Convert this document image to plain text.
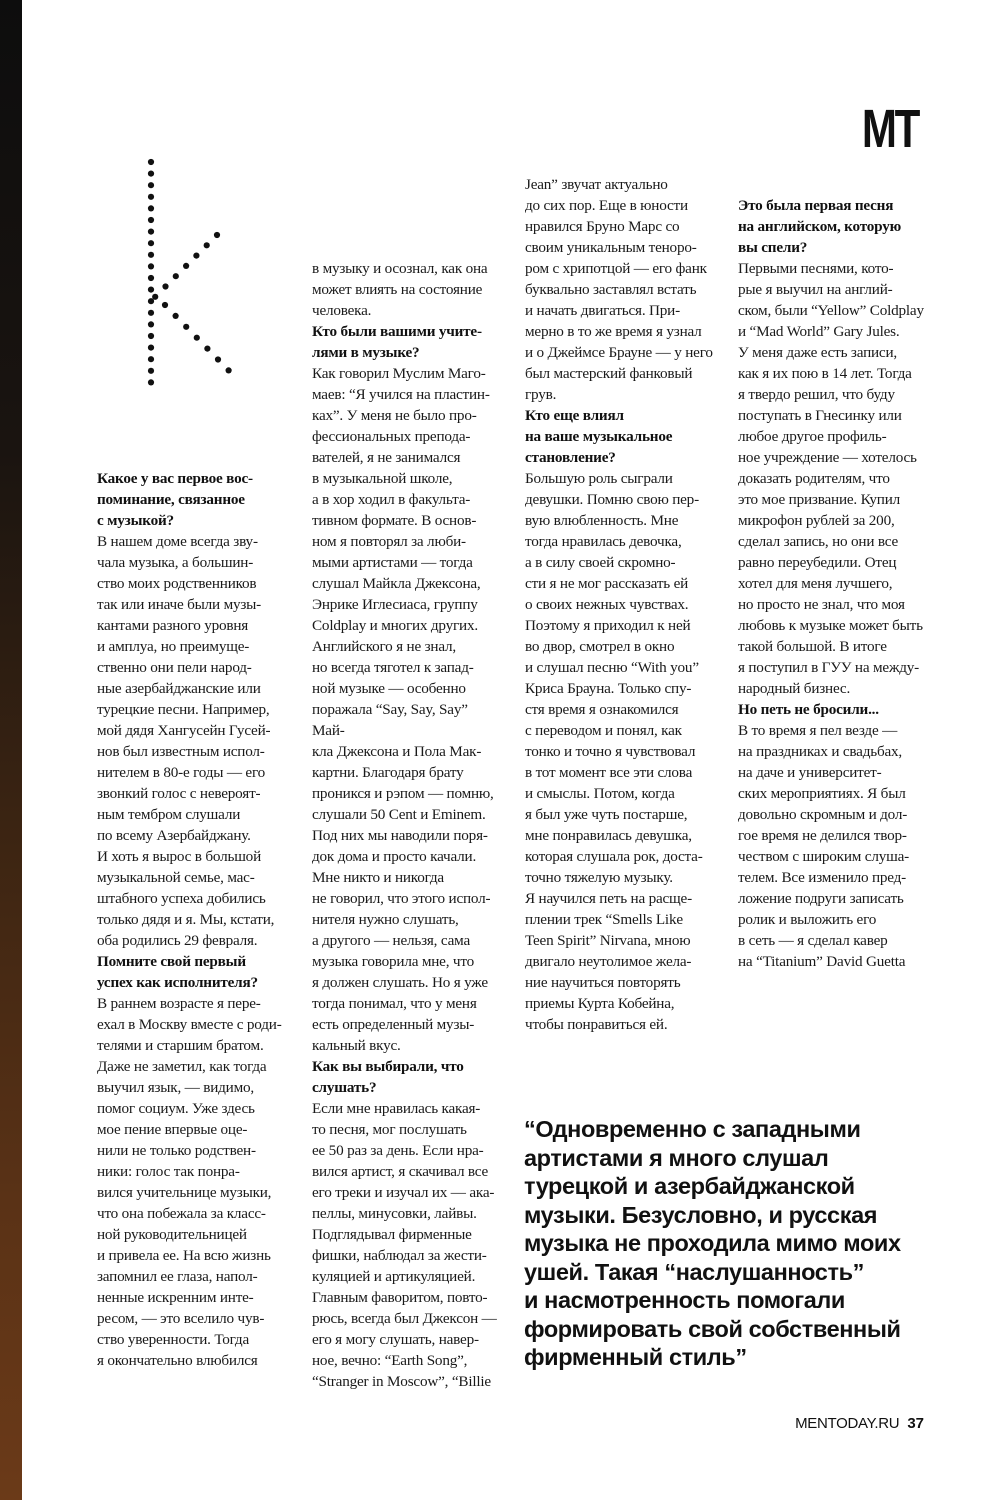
MT

Какое у вас первое вос-
поминание, связанное
с музыкой?

В нашем доме всегда зву-
чала музыка, а большин-
ство моих родственников
так или иначе были музы-
кантами разного уровня
и амплуа, но преимуще-
ственно они пели народ-
ные азербайджанские или
турецкие песни. Например,
мой дядя Хангусейн Гусей-
нов был известным испол-
нителем в 80-е годы — его
звонкий голос с невероят-
ным тембром слушали
по всему Азербайджану.
И хоть я вырос в большой
музыкальной семье, мас-
штабного успеха добились
только дядя и я. Мы, кстати,
оба родились 29 февраля.

Помните свой первый
успех как исполнителя?

В раннем возрасте я пере-
ехал в Москву вместе с роди-
телями и старшим братом.
Даже не заметил, как тогда
выучил язык, — видимо,
помог социум. Уже здесь
мое пение впервые оце-
нили не только родствен-
ники: голос так понра-
вился учительнице музыки,
что она побежала за класс-
ной руководительницей
и привела ее. На всю жизнь
запомнил ее глаза, напол-
ненные искренним инте-
ресом, — это вселило чув-
ство уверенности. Тогда
я окончательно влюбился

в музыку и осознал, как она
может влиять на состояние
человека.

Кто были вашими учите-
лями в музыке?

Как говорил Муслим Маго-
маев: “Я учился на пластин-
ках”. У меня не было про-
фессиональных препода-
вателей, я не занимался
в музыкальной школе,
а в хор ходил в факульта-
тивном формате. В основ-
ном я повторял за люби-
мыми артистами — тогда
слушал Майкла Джексона,
Энрике Иглесиаса, группу
Coldplay и многих других.
Английского я не знал,
но всегда тяготел к запад-
ной музыке — особенно
поражала “Say, Say, Say” Май-
кла Джексона и Пола Мак-
картни. Благодаря брату
проникся и рэпом — помню,
слушали 50 Cent и Eminem.
Под них мы наводили поря-
док дома и просто качали.
Мне никто и никогда
не говорил, что этого испол-
нителя нужно слушать,
а другого — нельзя, сама
музыка говорила мне, что
я должен слушать. Но я уже
тогда понимал, что у меня
есть определенный музы-
кальный вкус.

Как вы выбирали, что
слушать?

Если мне нравилась какая-
то песня, мог послушать
ее 50 раз за день. Если нра-
вился артист, я скачивал все
его треки и изучал их — ака-
пеллы, минусовки, лайвы.
Подглядывал фирменные
фишки, наблюдал за жести-
куляцией и артикуляцией.
Главным фаворитом, повто-
рюсь, всегда был Джексон —
его я могу слушать, навер-
ное, вечно: “Earth Song”,
“Stranger in Moscow”, “Billie

Jean” звучат актуально
до сих пор. Еще в юности
нравился Бруно Марс со
своим уникальным теноро-
ром с хрипотцой — его фанк
буквально заставлял встать
и начать двигаться. При-
мерно в то же время я узнал
и о Джеймсе Брауне — у него
был мастерский фанковый
грув.

Кто еще влиял
на ваше музыкальное
становление?

Большую роль сыграли
девушки. Помню свою пер-
вую влюбленность. Мне
тогда нравилась девочка,
а в силу своей скромно-
сти я не мог рассказать ей
о своих нежных чувствах.
Поэтому я приходил к ней
во двор, смотрел в окно
и слушал песню “With you”
Криса Брауна. Только спу-
стя время я ознакомился
с переводом и понял, как
тонко и точно я чувствовал
в тот момент все эти слова
и смыслы. Потом, когда
я был уже чуть постарше,
мне понравилась девушка,
которая слушала рок, доста-
точно тяжелую музыку.
Я научился петь на расще-
плении трек “Smells Like
Teen Spirit” Nirvana, мною
двигало неутолимое жела-
ние научиться повторять
приемы Курта Кобейна,
чтобы понравиться ей.

Это была первая песня
на английском, которую
вы спели?

Первыми песнями, кото-
рые я выучил на англий-
ском, были “Yellow” Coldplay
и “Mad World” Gary Jules.
У меня даже есть записи,
как я их пою в 14 лет. Тогда
я твердо решил, что буду
поступать в Гнесинку или
любое другое профиль-
ное учреждение — хотелось
доказать родителям, что
это мое призвание. Купил
микрофон рублей за 200,
сделал запись, но они все
равно переубедили. Отец
хотел для меня лучшего,
но просто не знал, что моя
любовь к музыке может быть
такой большой. В итоге
я поступил в ГУУ на между-
народный бизнес.

Но петь не бросили...

В то время я пел везде —
на праздниках и свадьбах,
на даче и университет-
ских мероприятиях. Я был
довольно скромным и дол-
гое время не делился твор-
чеством с широким слуша-
телем. Все изменило пред-
ложение подруги записать
ролик и выложить его
в сеть — я сделал кавер
на “Titanium” David Guetta

“Одновременно с западными
артистами я много слушал
турецкой и азербайджанской
музыки. Безусловно, и русская
музыка не проходила мимо моих
ушей. Такая “наслушанность”
и насмотренность помогали
формировать свой собственный
фирменный стиль”
MENTODAY.RU 37
